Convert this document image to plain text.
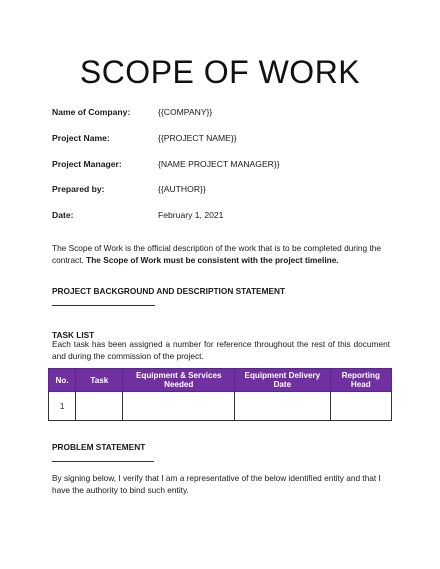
SCOPE OF WORK
Name of Company:	{{COMPANY}}
Project Name:	{{PROJECT NAME}}
Project Manager:	{NAME PROJECT MANAGER}}
Prepared by:	{{AUTHOR}}
Date:	February 1, 2021
The Scope of Work is the official description of the work that is to be completed during the contract. The Scope of Work must be consistent with the project timeline.
PROJECT BACKGROUND AND DESCRIPTION STATEMENT
TASK LIST
Each task has been assigned a number for reference throughout the rest of this document and during the commission of the project.
No.	Task	Equipment & Services Needed	Equipment Delivery Date	Reporting Head
1				
PROBLEM STATEMENT
By signing below, I verify that I am a representative of the below identified entity and that I have the authority to bind such entity.
